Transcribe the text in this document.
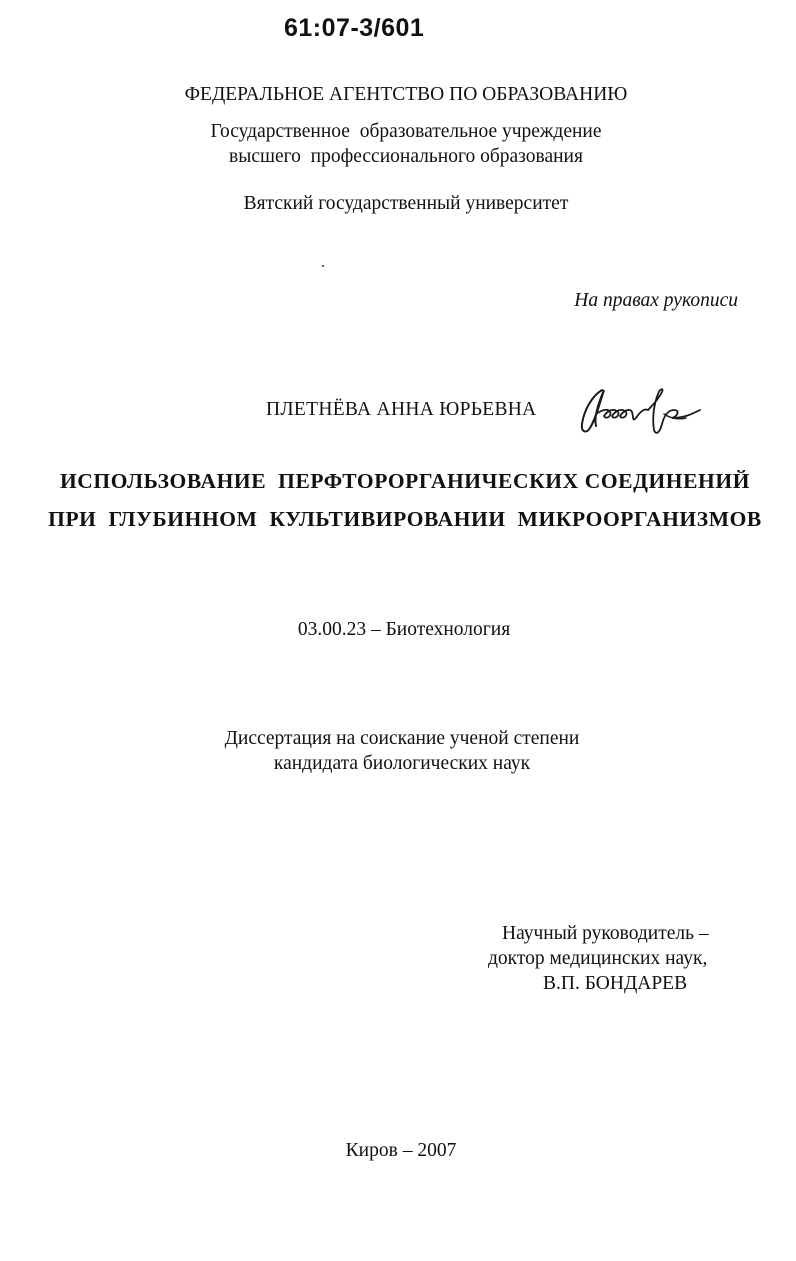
61:07-3/601
ФЕДЕРАЛЬНОЕ АГЕНТСТВО ПО ОБРАЗОВАНИЮ
Государственное  образовательное учреждение
высшего  профессионального образования
Вятский государственный университет
На правах рукописи
ПЛЕТНЁВА АННА ЮРЬЕВНА
ИСПОЛЬЗОВАНИЕ  ПЕРФТОРОРГАНИЧЕСКИХ СОЕДИНЕНИЙ
ПРИ  ГЛУБИННОМ  КУЛЬТИВИРОВАНИИ  МИКРООРГАНИЗМОВ
03.00.23 – Биотехнология
Диссертация на соискание ученой степени
кандидата биологических наук
Научный руководитель –
доктор медицинских наук,
В.П. БОНДАРЕВ
Киров – 2007
